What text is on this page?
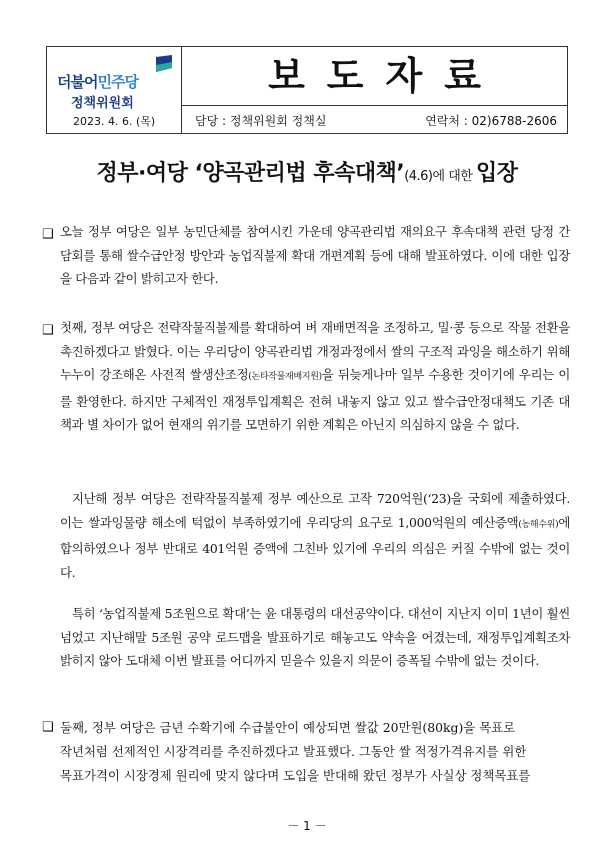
더불어민주당
정책위원회
2023. 4. 6. (목)
보도자료
담당 : 정책위원회 정책실	연락처 : 02)6788-2606
정부·여당 ‘양곡관리법 후속대책’(4.6)에 대한 입장
❑ 오늘 정부 여당은 일부 농민단체를 참여시킨 가운데 양곡관리법 재의요구 후속대책 관련 당정 간담회를 통해 쌀수급안정 방안과 농업직불제 확대 개편계획 등에 대해 발표하였다. 이에 대한 입장을 다음과 같이 밝히고자 한다.
❑ 첫째, 정부 여당은 전략작물직불제를 확대하여 벼 재배면적을 조정하고, 밀·콩 등으로 작물 전환을 촉진하겠다고 밝혔다. 이는 우리당이 양곡관리법 개정과정에서 쌀의 구조적 과잉을 해소하기 위해 누누이 강조해온 사전적 쌀생산조정(논타작물재배지원)을 뒤늦게나마 일부 수용한 것이기에 우리는 이를 환영한다. 하지만 구체적인 재정투입계획은 전혀 내놓지 않고 있고 쌀수급안정대책도 기존 대책과 별 차이가 없어 현재의 위기를 모면하기 위한 계획은 아닌지 의심하지 않을 수 없다.
지난해 정부 여당은 전략작물직불제 정부 예산으로 고작 720억원(‘23)을 국회에 제출하였다. 이는 쌀과잉물량 해소에 턱없이 부족하였기에 우리당의 요구로 1,000억원의 예산증액(농해수위)에 합의하였으나 정부 반대로 401억원 증액에 그친바 있기에 우리의 의심은 커질 수밖에 없는 것이다.
특히 ‘농업직불제 5조원으로 확대’는 윤 대통령의 대선공약이다. 대선이 지난지 이미 1년이 훨씬 넘었고 지난해말 5조원 공약 로드맵을 발표하기로 해놓고도 약속을 어겼는데, 재정투입계획조차 밝히지 않아 도대체 이번 발표를 어디까지 믿을수 있을지 의문이 증폭될 수밖에 없는 것이다.
❑ 둘째, 정부 여당은 금년 수확기에 수급불안이 예상되면 쌀값 20만원(80kg)을 목표로
작년처럼 선제적인 시장격리를 추진하겠다고 발표했다. 그동안 쌀 적정가격유지를 위한
목표가격이 시장경제 원리에 맞지 않다며 도입을 반대해 왔던 정부가 사실상 정책목표를
－ 1 －
